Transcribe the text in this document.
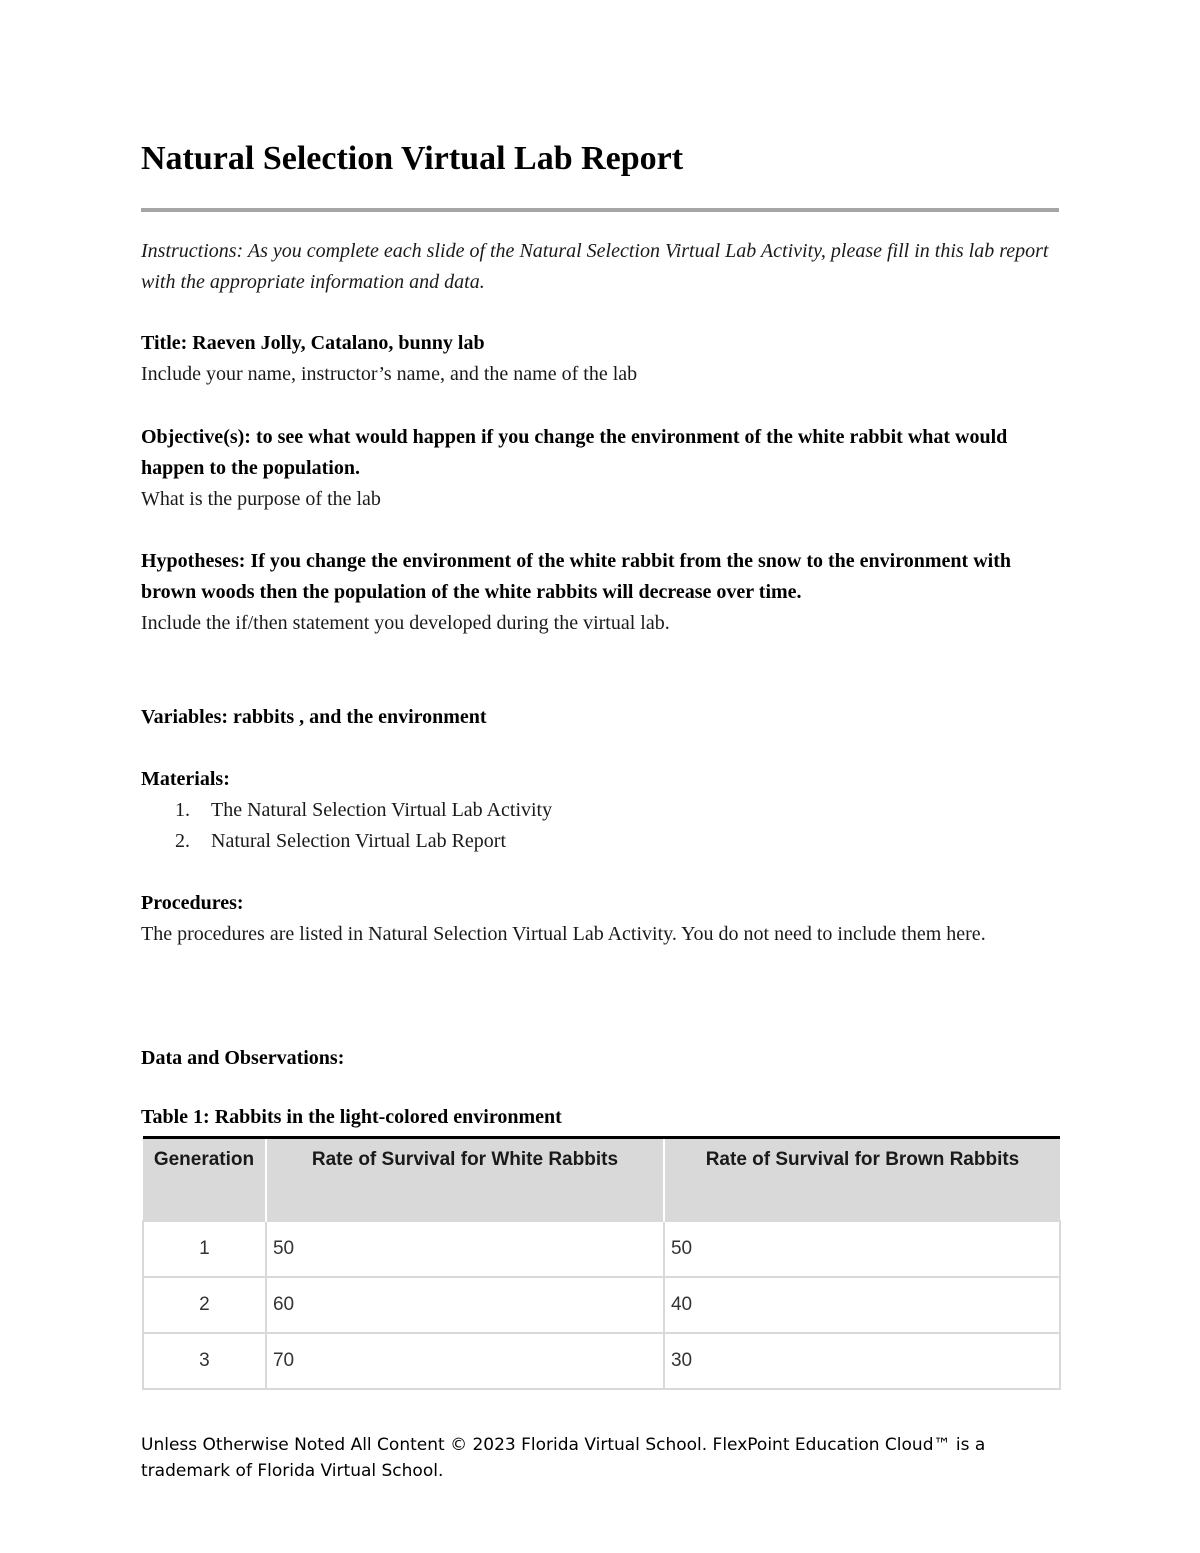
Natural Selection Virtual Lab Report
Instructions: As you complete each slide of the Natural Selection Virtual Lab Activity, please fill in this lab report with the appropriate information and data.
Title: Raeven Jolly, Catalano, bunny lab
Include your name, instructor’s name, and the name of the lab
Objective(s): to see what would happen if you change the environment of the white rabbit what would happen to the population.
What is the purpose of the lab
Hypotheses: If you change the environment of the white rabbit from the snow to the environment with brown woods then the population of the white rabbits will decrease over time.
Include the if/then statement you developed during the virtual lab.
Variables: rabbits , and the environment
Materials:
1.	The Natural Selection Virtual Lab Activity
2.	Natural Selection Virtual Lab Report
Procedures:
The procedures are listed in Natural Selection Virtual Lab Activity. You do not need to include them here.
Data and Observations:
Table 1: Rabbits in the light-colored environment
Generation	Rate of Survival for White Rabbits	Rate of Survival for Brown Rabbits
1	50	50
2	60	40
3	70	30
Unless Otherwise Noted All Content © 2023 Florida Virtual School. FlexPoint Education Cloud™ is a trademark of Florida Virtual School.
